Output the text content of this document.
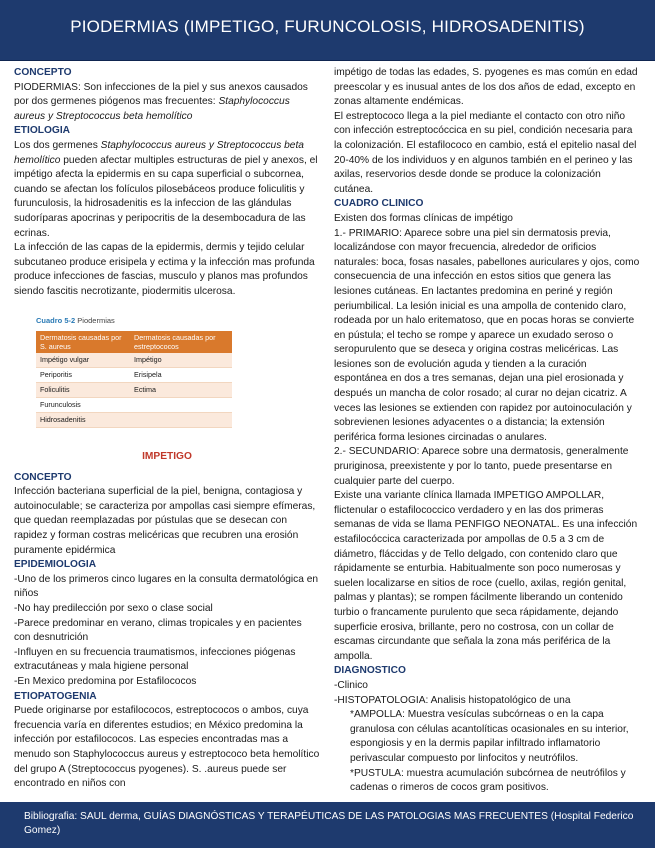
PIODERMIAS (IMPETIGO, FURUNCOLOSIS, HIDROSADENITIS)
CONCEPTO

PIODERMIAS: Son infecciones de la piel y sus anexos causados por dos germenes piógenos mas frecuentes: Staphylococcus aureus y Streptococcus beta hemolítico

ETIOLOGIA

Los dos germenes Staphylococcus aureus y Streptococcus beta hemolítico pueden afectar multiples estructuras de piel y anexos, el impétigo afecta la epidermis en su capa superficial o subcornea, cuando se afectan los folículos pilosebáceos produce foliculitis y furunculosis, la hidrosadenitis es la infeccion de las glándulas sudoríparas apocrinas y peripocritis de la desembocadura de las ecrinas.

La infección de las capas de la epidermis, dermis y tejido celular subcutaneo produce erisipela y ectima y la infección mas profunda produce infecciones de fascias, musculo y planos mas profundos siendo fascitis necrotizante, piodermitis ulcerosa.

Cuadro 5-2 Piodermias
Dermatosis causadas por S. aureus	Dermatosis causadas por estreptococos
Impétigo vulgar	Impétigo
Periporitis	Erisipela
Foliculitis	Ectima
Furunculosis	
Hidrosadenitis	
IMPETIGO
CONCEPTO

Infección bacteriana superficial de la piel, benigna, contagiosa y autoinoculable; se caracteriza por ampollas casi siempre efímeras, que quedan reemplazadas por pústulas que se desecan con rapidez y forman costras melicéricas que recubren una erosión puramente epidérmica

EPIDEMIOLOGIA

-Uno de los primeros cinco lugares en la consulta dermatológica en niños

-No hay predilección por sexo o clase social

-Parece predominar en verano, climas tropicales y en pacientes con desnutrición

-Influyen en su frecuencia traumatismos, infecciones piógenas extracutáneas y mala higiene personal

-En Mexico predomina por Estafilococos

ETIOPATOGENIA

Puede originarse por estafilococos, estreptococos o ambos, cuya frecuencia varía en diferentes estudios; en México predomina la infección por estafilococos. Las especies encontradas mas a menudo son Staphylococcus aureus y estreptococo beta hemolítico del grupo A (Streptococcus pyogenes). S. .aureus puede ser encontrado en niños con

impétigo de todas las edades, S. pyogenes es mas común en edad preescolar y es inusual antes de los dos años de edad, excepto en zonas altamente endémicas.

El estreptococo llega a la piel mediante el contacto con otro niño con infección estreptocóccica en su piel, condición necesaria para la colonización. El estafilococo en cambio, está el epitelio nasal del 20-40% de los individuos y en algunos también en el perineo y las axilas, reservorios desde donde se produce la colonización cutánea.

CUADRO CLINICO

Existen dos formas clínicas de impétigo

1.- PRIMARIO: Aparece sobre una piel sin dermatosis previa, localizándose con mayor frecuencia, alrededor de orificios naturales: boca, fosas nasales, pabellones auriculares y ojos, como consecuencia de una infección en estos sitios que genera las lesiones cutáneas. En lactantes predomina en periné y región periumbilical. La lesión inicial es una ampolla de contenido claro, rodeada por un halo eritematoso, que en pocas horas se convierte en pústula; el techo se rompe y aparece un exudado seroso o seropurulento que se deseca y origina costras melicéricas. Las lesiones son de evolución aguda y tienden a la curación espontánea en dos a tres semanas, dejan una piel erosionada y después un mancha de color rosado; al curar no dejan cicatriz. A veces las lesiones se extienden con rapidez por autoinoculación y sobrevienen lesiones adyacentes o a distancia; la extensión periférica forma lesiones circinadas o anulares.

2.- SECUNDARIO: Aparece sobre una dermatosis, generalmente pruriginosa, preexistente y por lo tanto, puede presentarse en cualquier parte del cuerpo.

Existe una variante clínica llamada IMPETIGO AMPOLLAR, flictenular o estafilococcico verdadero y en las dos primeras semanas de vida se llama PENFIGO NEONATAL. Es una infección estafilocóccica caracterizada por ampollas de 0.5 a 3 cm de diámetro, fláccidas y de Tello delgado, con contenido claro que rápidamente se enturbia. Habitualmente son poco numerosas y suelen localizarse en sitios de roce (cuello, axilas, región genital, palmas y plantas); se rompen fácilmente liberando un contenido turbio o francamente purulento que seca rápidamente, dejando superficie erosiva, brillante, pero no costrosa, con un collar de escamas circundante que señala la zona más periférica de la ampolla.

DIAGNOSTICO

-Clinico

-HISTOPATOLOGIA: Analisis histopatológico de una

*AMPOLLA: Muestra vesículas subcórneas o en la capa granulosa con células acantolíticas ocasionales en su interior, espongiosis y en la dermis papilar infiltrado inflamatorio perivascular compuesto por linfocitos y neutrófilos.

*PUSTULA: muestra acumulación subcórnea de neutrófilos y cadenas o rimeros de cocos gram positivos.

Bibliografia: SAUL derma, GUÍAS DIAGNÓSTICAS Y TERAPÉUTICAS DE LAS PATOLOGIAS MAS FRECUENTES (Hospital Federico Gomez)
